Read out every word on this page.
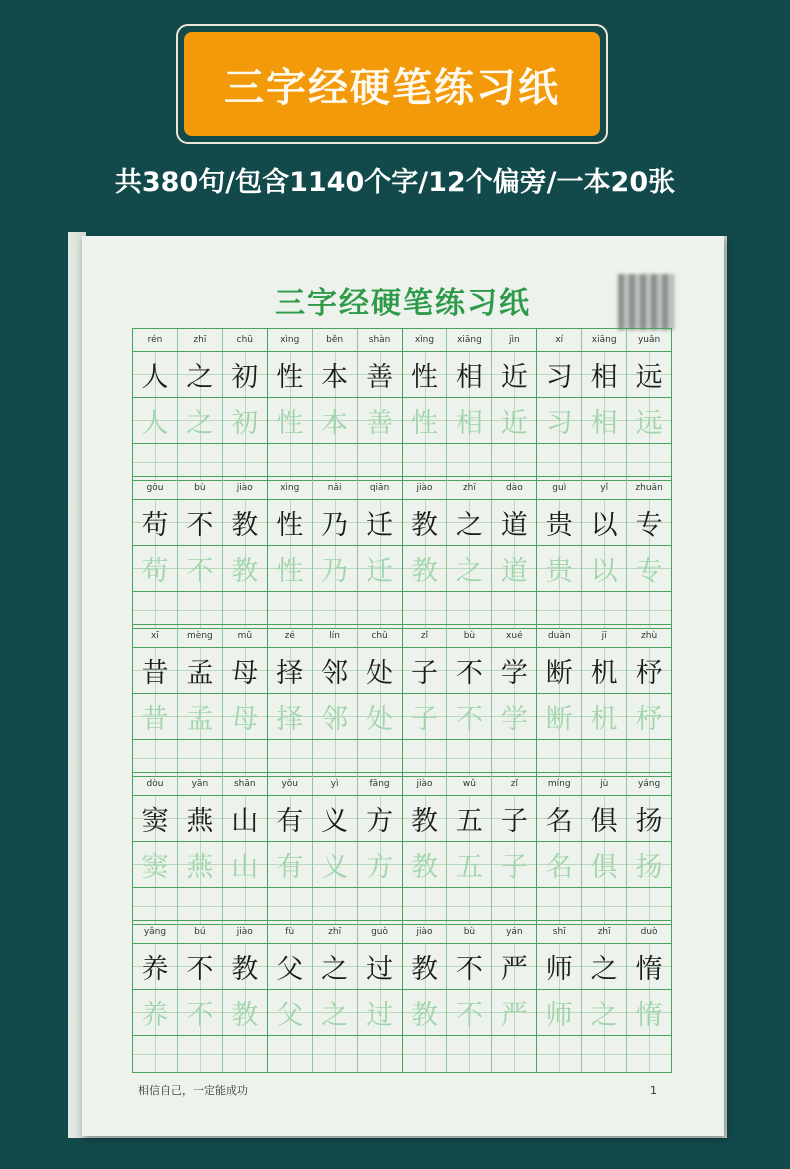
三字经硬笔练习纸
共380句/包含1140个字/12个偏旁/一本20张
三字经硬笔练习纸
rén	zhī	chū	xìng	běn	shàn	xìng	xiāng	jìn	xí	xiāng	yuǎn
人 之 初 性 本 善 性 相 近 习 相 远
人 之 初 性 本 善 性 相 近 习 相 远
gǒu	bù	jiào	xìng	nǎi	qiān	jiào	zhī	dào	guì	yǐ	zhuān
苟 不 教 性 乃 迁 教 之 道 贵 以 专
苟 不 教 性 乃 迁 教 之 道 贵 以 专
xī	mèng	mǔ	zé	lín	chǔ	zǐ	bù	xué	duàn	jī	zhù
昔 孟 母 择 邻 处 子 不 学 断 机 杼
昔 孟 母 择 邻 处 子 不 学 断 机 杼
dòu	yān	shān	yǒu	yì	fāng	jiào	wǔ	zǐ	míng	jù	yáng
窦 燕 山 有 义 方 教 五 子 名 俱 扬
窦 燕 山 有 义 方 教 五 子 名 俱 扬
yǎng	bú	jiào	fù	zhī	guò	jiào	bù	yán	shī	zhī	duò
养 不 教 父 之 过 教 不 严 师 之 惰
养 不 教 父 之 过 教 不 严 师 之 惰
相信自己，一定能成功	1
